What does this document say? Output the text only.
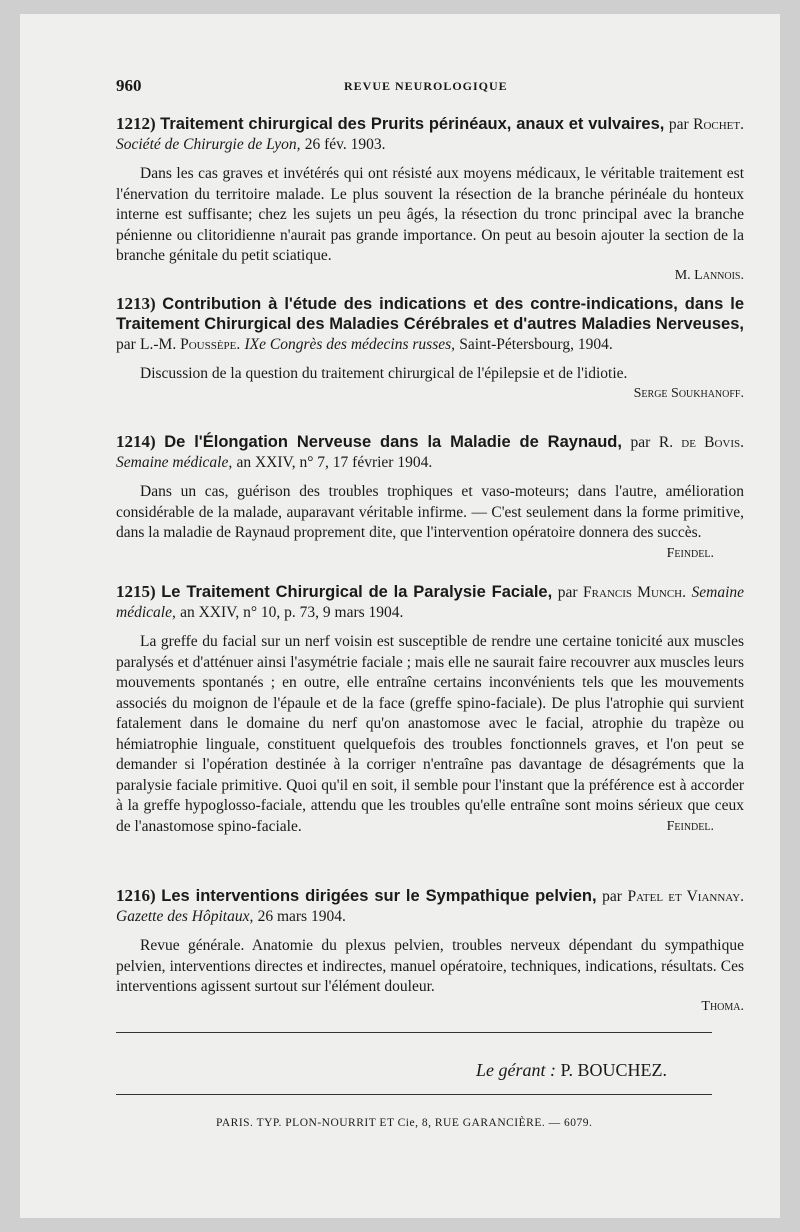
960	REVUE NEUROLOGIQUE

1212) Traitement chirurgical des Prurits périnéaux, anaux et vulvaires, par Rochet. Société de Chirurgie de Lyon, 26 fév. 1903.

Dans les cas graves et invétérés qui ont résisté aux moyens médicaux, le véritable traitement est l'énervation du territoire malade. Le plus souvent la résection de la branche périnéale du honteux interne est suffisante; chez les sujets un peu âgés, la résection du tronc principal avec la branche pénienne ou clitoridienne n'aurait pas grande importance. On peut au besoin ajouter la section de la branche génitale du petit sciatique.

M. Lannois.

1213) Contribution à l'étude des indications et des contre-indications, dans le Traitement Chirurgical des Maladies Cérébrales et d'autres Maladies Nerveuses, par L.-M. Poussèpe. IXe Congrès des médecins russes, Saint-Pétersbourg, 1904.

Discussion de la question du traitement chirurgical de l'épilepsie et de l'idiotie.

Serge Soukhanoff.

1214) De l'Élongation Nerveuse dans la Maladie de Raynaud, par R. de Bovis. Semaine médicale, an XXIV, n° 7, 17 février 1904.

Dans un cas, guérison des troubles trophiques et vaso-moteurs; dans l'autre, amélioration considérable de la malade, auparavant véritable infirme. — C'est seulement dans la forme primitive, dans la maladie de Raynaud proprement dite, que l'intervention opératoire donnera des succès.
Feindel.

1215) Le Traitement Chirurgical de la Paralysie Faciale, par Francis Munch. Semaine médicale, an XXIV, n° 10, p. 73, 9 mars 1904.

La greffe du facial sur un nerf voisin est susceptible de rendre une certaine tonicité aux muscles paralysés et d'atténuer ainsi l'asymétrie faciale ; mais elle ne saurait faire recouvrer aux muscles leurs mouvements spontanés ; en outre, elle entraîne certains inconvénients tels que les mouvements associés du moignon de l'épaule et de la face (greffe spino-faciale). De plus l'atrophie qui survient fatalement dans le domaine du nerf qu'on anastomose avec le facial, atrophie du trapèze ou hémiatrophie linguale, constituent quelquefois des troubles fonctionnels graves, et l'on peut se demander si l'opération destinée à la corriger n'entraîne pas davantage de désagréments que la paralysie faciale primitive. Quoi qu'il en soit, il semble pour l'instant que la préférence est à accorder à la greffe hypoglosso-faciale, attendu que les troubles qu'elle entraîne sont moins sérieux que ceux de l'anastomose spino-faciale.	Feindel.

1216) Les interventions dirigées sur le Sympathique pelvien, par Patel et Viannay. Gazette des Hôpitaux, 26 mars 1904.

Revue générale. Anatomie du plexus pelvien, troubles nerveux dépendant du sympathique pelvien, interventions directes et indirectes, manuel opératoire, techniques, indications, résultats. Ces interventions agissent surtout sur l'élément douleur.

Thoma.

Le gérant : P. BOUCHEZ.
PARIS. TYP. PLON-NOURRIT ET Cie, 8, RUE GARANCIÈRE. — 6079.
